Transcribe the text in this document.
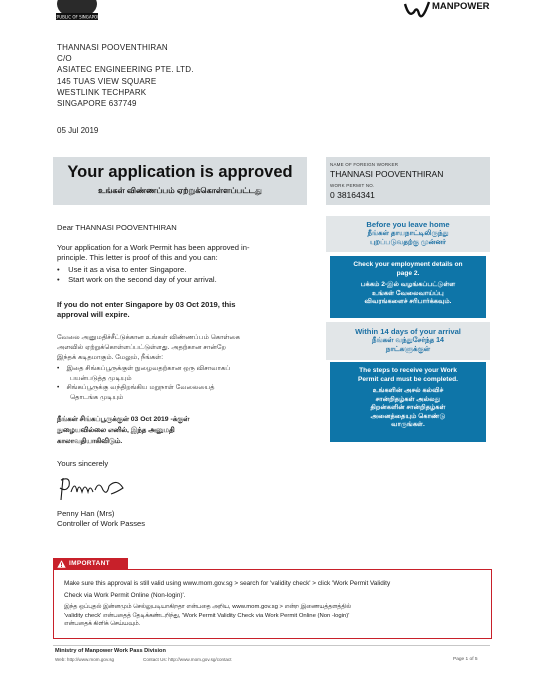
REPUBLIC OF SINGAPORE
MANPOWER
THANNASI POOVENTHIRAN
C/O
ASIATEC ENGINEERING PTE. LTD.
145 TUAS VIEW SQUARE
WESTLINK TECHPARK
SINGAPORE 637749
05 Jul 2019
Your application is approved
உங்கள் விண்ணப்பம் ஏற்றுக்கொள்ளப்பட்டது
NAME OF FOREIGN WORKER
THANNASI POOVENTHIRAN
WORK PERMIT NO.
0 38164341
Dear THANNASI POOVENTHIRAN
Your application for a Work Permit has been approved in-
principle. This letter is proof of this and you can:
•    Use it as a visa to enter Singapore.
•    Start work on the second day of your arrival.
If you do not enter Singapore by 03 Oct 2019, this
approval will expire.
வேலை அனுமதிச்சீட்டுக்கான உங்கள் விண்ணப்பம் கொள்கை
அளவில் ஏற்றுக்கொள்ளப்பட்டுள்ளது. அதற்கான சான்றே
இந்தக் கடிதமாகும். மேலும், நீங்கள்:
•    இதை சிங்கப்பூருக்குள் நுழைவதற்கான ஒரு விசாவாகப்
பயன்படுத்த முடியும்
•    சிங்கப்பூருக்கு வந்திறங்கிய மறுநாள் வேலையைத்
தொடங்க முடியும்
நீங்கள் சிங்கப்பூருக்குள் 03 Oct 2019 -க்குள்
நுழையவில்லை எனில், இந்த அனுமதி
காலாவதியாகிவிடும்.
Yours sincerely
Penny Han (Mrs)
Controller of Work Passes
Before you leave home
நீங்கள் தாயநாட்டிலிருந்து
புறப்படுவதற்கு முன்னர்
Check your employment details on
page 2.
பக்கம் 2-இல் வழங்கப்பட்டுள்ள
உங்கள் வேலைவாய்ப்பு
விவரங்களைச் சரிபார்க்கவும்.
Within 14 days of your arrival
நீங்கள் வந்துசேர்ந்த 14
நாட்களுக்குள்
The steps to receive your Work
Permit card must be completed.
உங்களின் அசல் கல்விச்
சான்றிதழ்கள் அல்லது
திறன்களின் சான்றிதழ்கள்
அனைத்தையும் கொண்டு
வாருங்கள்.
IMPORTANT
Make sure this approval is still valid using www.mom.gov.sg > search for 'validity check' > click 'Work Permit Validity
Check via Work Permit Online (Non-login)'.
இந்த ஒப்புதல் இன்னமும் செல்லுபடியாகிறதா என்பதை அறிய, www.mom.gov.sg > என்ற இணையத்தளத்தில்
'validity check' என்பதைத் தேடிக்கண்டறிந்து, 'Work Permit Validity Check via Work Permit Online (Non -login)'
என்பதைக் கிளிக் செய்யவும்.
Ministry of Manpower Work Pass Division
Web: http://www.mom.gov.sg	Contact Us: http://www.mom.gov.sg/contact	Page 1 of 5
